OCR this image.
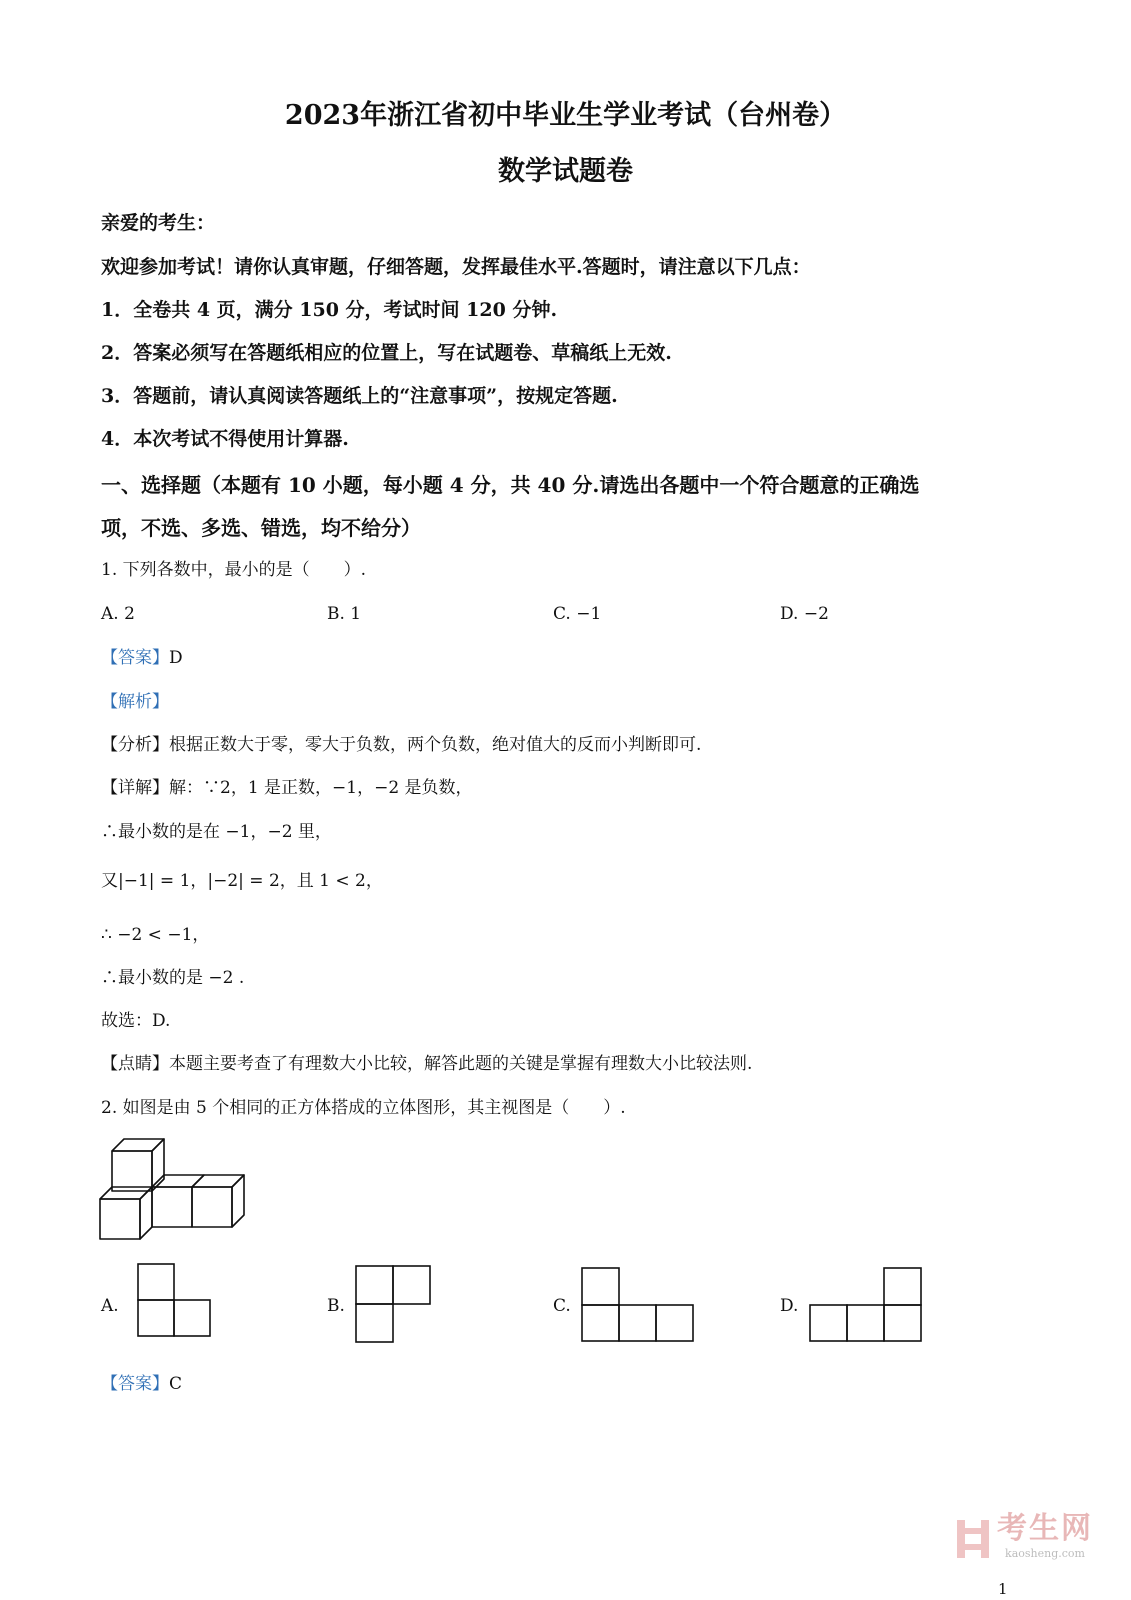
2023年浙江省初中毕业生学业考试（台州卷）
数学试题卷
亲爱的考生：
欢迎参加考试！请你认真审题，仔细答题，发挥最佳水平.答题时，请注意以下几点：
1．全卷共 4 页，满分 150 分，考试时间 120 分钟.
2．答案必须写在答题纸相应的位置上，写在试题卷、草稿纸上无效.
3．答题前，请认真阅读答题纸上的“注意事项”，按规定答题.
4．本次考试不得使用计算器.
一、选择题（本题有 10 小题，每小题 4 分，共 40 分.请选出各题中一个符合题意的正确选
项，不选、多选、错选，均不给分）
1. 下列各数中，最小的是（　　）.
A. 2	B. 1	C. −1	D. −2
【答案】D
【解析】
【分析】根据正数大于零，零大于负数，两个负数，绝对值大的反而小判断即可.
【详解】解：∵2，1 是正数，−1，−2 是负数，
∴最小数的是在 −1，−2 里，
又|−1| = 1，|−2| = 2，且 1 < 2，
∴ −2 < −1，
∴最小数的是 −2 .
故选：D.
【点睛】本题主要考查了有理数大小比较，解答此题的关键是掌握有理数大小比较法则.
2. 如图是由 5 个相同的正方体搭成的立体图形，其主视图是（　　）.
A.	B.	C.	D.
【答案】C
考生网
kaosheng.com
1
